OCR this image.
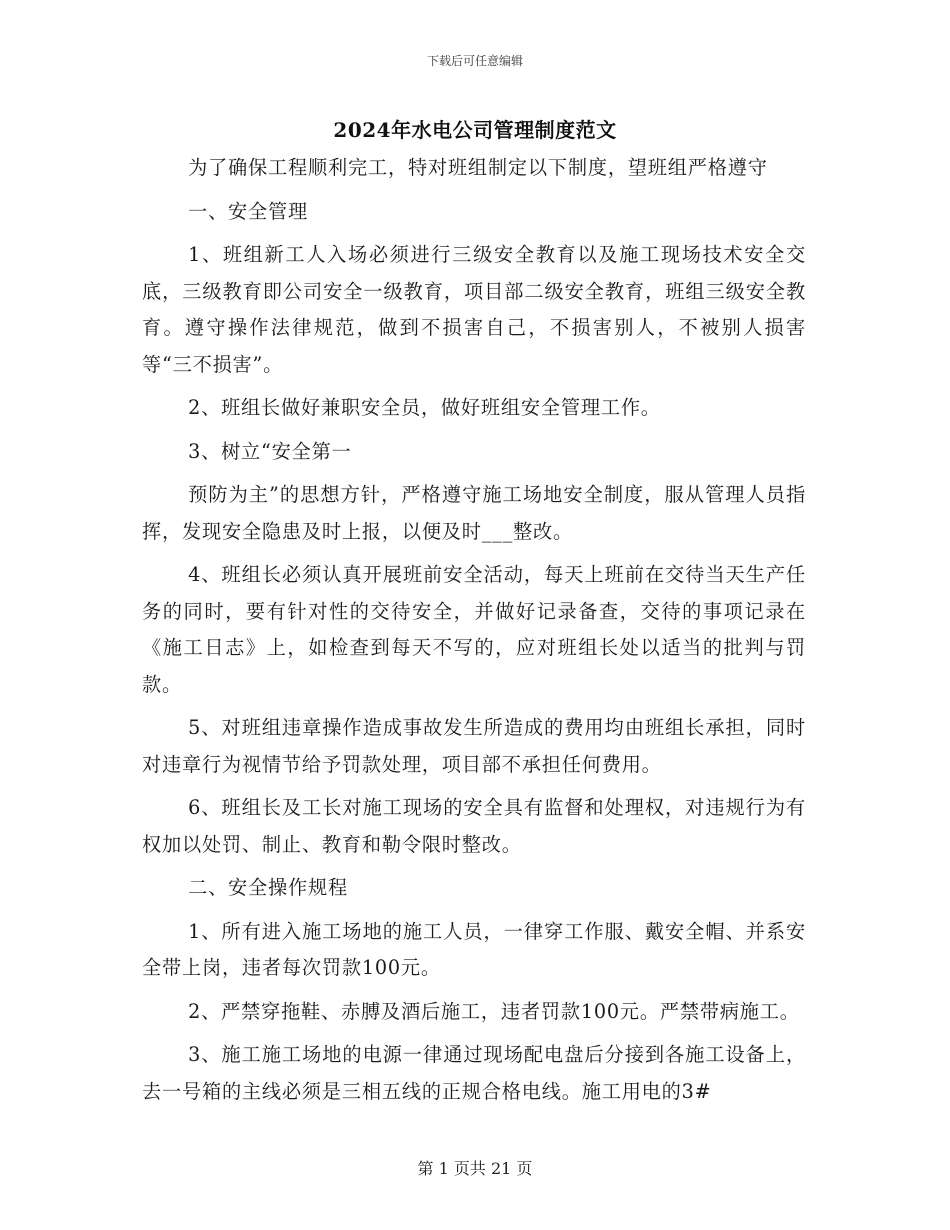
下载后可任意编辑
2024年水电公司管理制度范文

为了确保工程顺利完工，特对班组制定以下制度，望班组严格遵守

一、安全管理

1、班组新工人入场必须进行三级安全教育以及施工现场技术安全交底，三级教育即公司安全一级教育，项目部二级安全教育，班组三级安全教育。遵守操作法律规范，做到不损害自己，不损害别人，不被别人损害等“三不损害”。

2、班组长做好兼职安全员，做好班组安全管理工作。

3、树立“安全第一

预防为主”的思想方针，严格遵守施工场地安全制度，服从管理人员指挥，发现安全隐患及时上报，以便及时___整改。

4、班组长必须认真开展班前安全活动，每天上班前在交待当天生产任务的同时，要有针对性的交待安全，并做好记录备查，交待的事项记录在《施工日志》上，如检查到每天不写的，应对班组长处以适当的批判与罚款。

5、对班组违章操作造成事故发生所造成的费用均由班组长承担，同时对违章行为视情节给予罚款处理，项目部不承担任何费用。

6、班组长及工长对施工现场的安全具有监督和处理权，对违规行为有权加以处罚、制止、教育和勒令限时整改。

二、安全操作规程

1、所有进入施工场地的施工人员，一律穿工作服、戴安全帽、并系安全带上岗，违者每次罚款100元。

2、严禁穿拖鞋、赤膊及酒后施工，违者罚款100元。严禁带病施工。

3、施工施工场地的电源一律通过现场配电盘后分接到各施工设备上，去一号箱的主线必须是三相五线的正规合格电线。施工用电的3#

第 1 页共 21 页
